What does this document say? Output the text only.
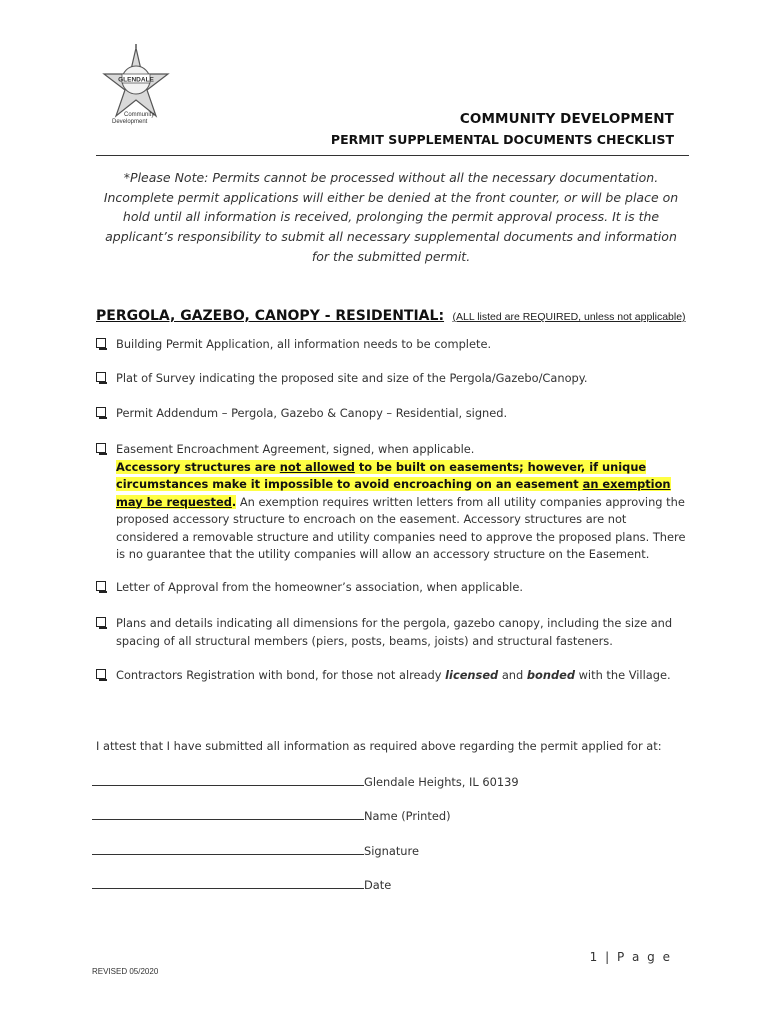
GLENDALE
Community
Development	COMMUNITY DEVELOPMENT
PERMIT SUPPLEMENTAL DOCUMENTS CHECKLIST
*Please Note: Permits cannot be processed without all the necessary documentation. Incomplete permit applications will either be denied at the front counter, or will be place on hold until all information is received, prolonging the permit approval process. It is the applicant’s responsibility to submit all necessary supplemental documents and information for the submitted permit.
PERGOLA, GAZEBO, CANOPY - RESIDENTIAL: (ALL listed are REQUIRED, unless not applicable)
Building Permit Application, all information needs to be complete.
Plat of Survey indicating the proposed site and size of the Pergola/Gazebo/Canopy.
Permit Addendum – Pergola, Gazebo & Canopy – Residential, signed.
Easement Encroachment Agreement, signed, when applicable.
Accessory structures are not allowed to be built on easements; however, if unique circumstances make it impossible to avoid encroaching on an easement an exemption may be requested. An exemption requires written letters from all utility companies approving the proposed accessory structure to encroach on the easement. Accessory structures are not considered a removable structure and utility companies need to approve the proposed plans. There is no guarantee that the utility companies will allow an accessory structure on the Easement.
Letter of Approval from the homeowner’s association, when applicable.
Plans and details indicating all dimensions for the pergola, gazebo canopy, including the size and spacing of all structural members (piers, posts, beams, joists) and structural fasteners.
Contractors Registration with bond, for those not already licensed and bonded with the Village.
I attest that I have submitted all information as required above regarding the permit applied for at:
Glendale Heights, IL 60139
Name (Printed)
Signature
Date
1 | P a g e
REVISED 05/2020
